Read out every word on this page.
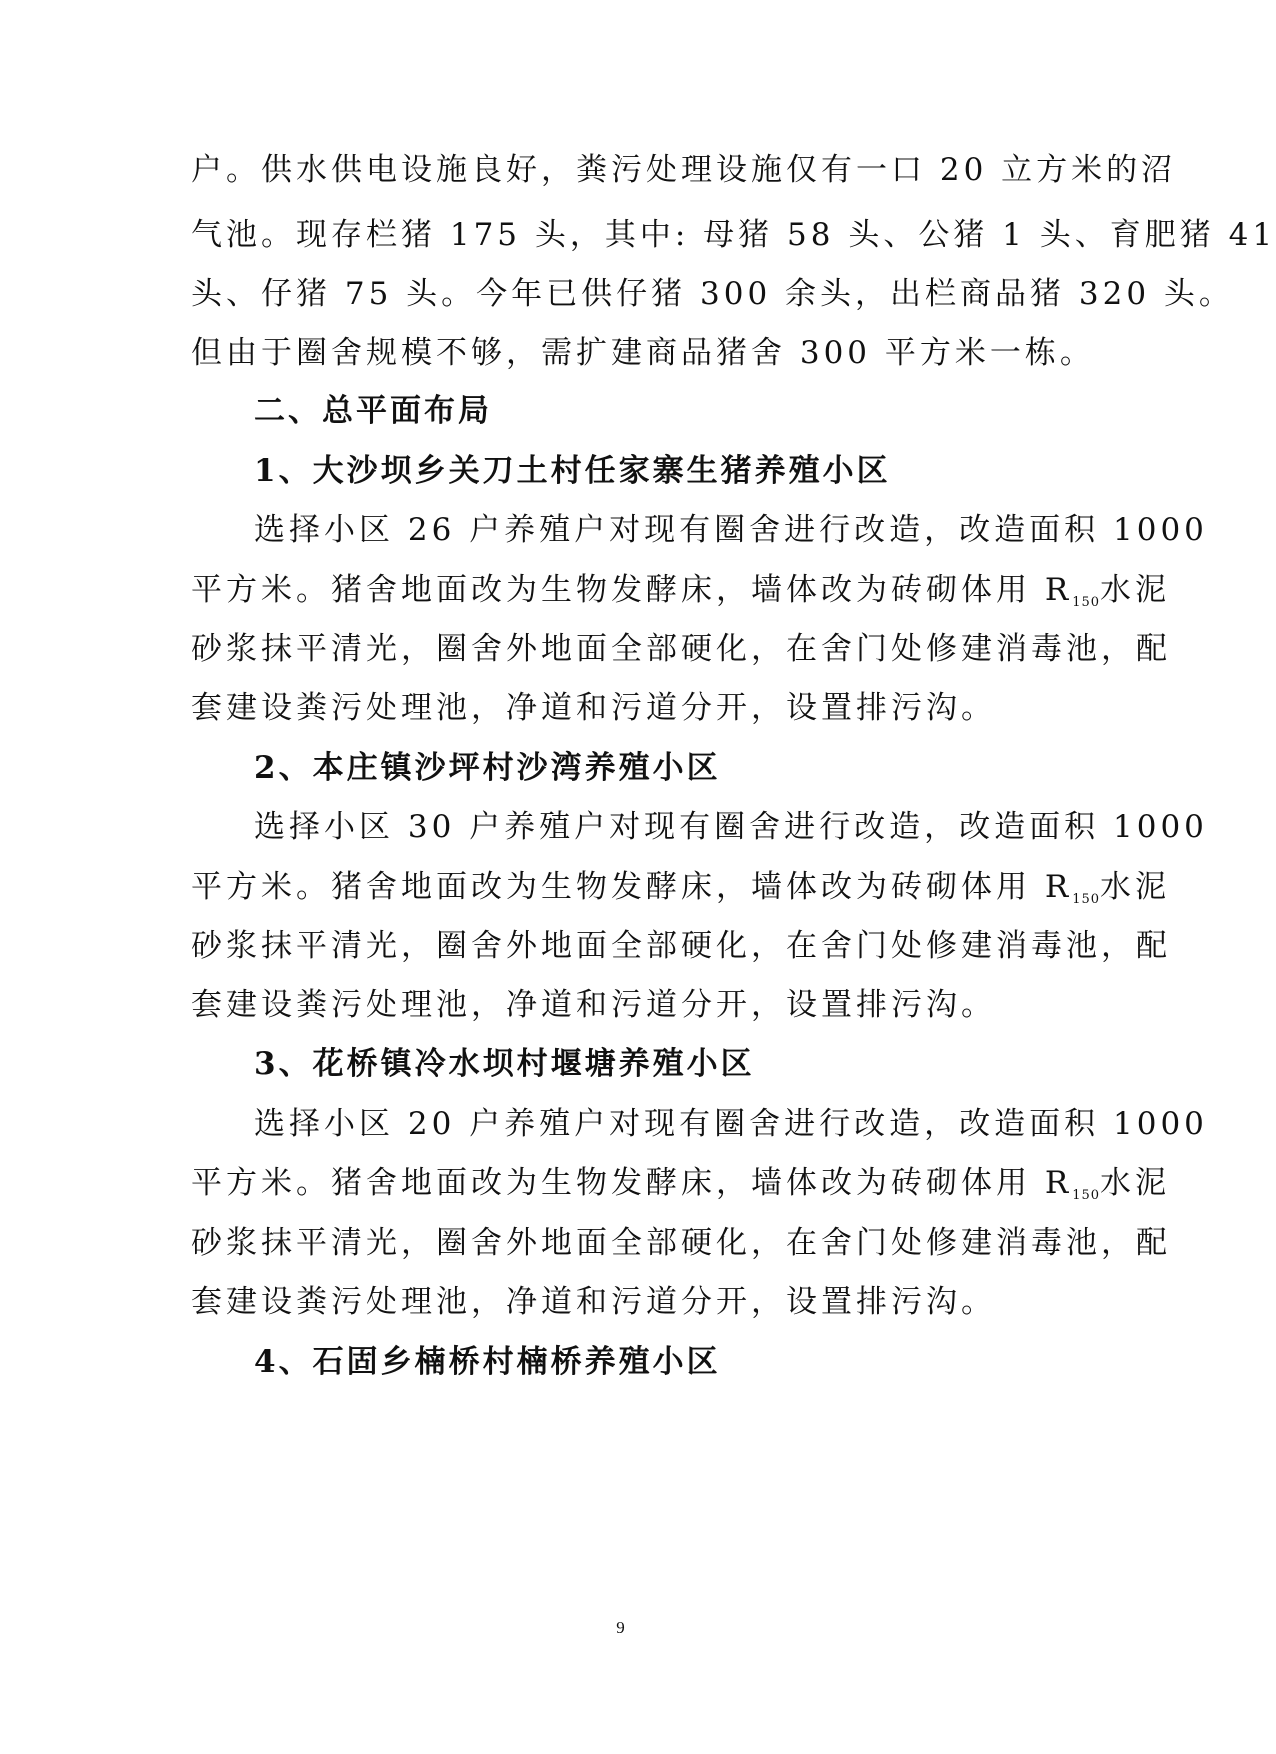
户。供水供电设施良好，粪污处理设施仅有一口 20 立方米的沼
气池。现存栏猪 175 头，其中: 母猪 58 头、公猪 1 头、育肥猪 41
头、仔猪 75 头。今年已供仔猪 300 余头，出栏商品猪 320 头。
但由于圈舍规模不够，需扩建商品猪舍 300 平方米一栋。
二、总平面布局
1、大沙坝乡关刀土村任家寨生猪养殖小区
选择小区 26 户养殖户对现有圈舍进行改造，改造面积 1000
平方米。猪舍地面改为生物发酵床，墙体改为砖砌体用 $R_{150}$水泥
砂浆抹平清光，圈舍外地面全部硬化，在舍门处修建消毒池，配
套建设粪污处理池，净道和污道分开，设置排污沟。
2、本庄镇沙坪村沙湾养殖小区
选择小区 30 户养殖户对现有圈舍进行改造，改造面积 1000
平方米。猪舍地面改为生物发酵床，墙体改为砖砌体用 $R_{150}$水泥
砂浆抹平清光，圈舍外地面全部硬化，在舍门处修建消毒池，配
套建设粪污处理池，净道和污道分开，设置排污沟。
3、花桥镇冷水坝村堰塘养殖小区
选择小区 20 户养殖户对现有圈舍进行改造，改造面积 1000
平方米。猪舍地面改为生物发酵床，墙体改为砖砌体用 $R_{150}$水泥
砂浆抹平清光，圈舍外地面全部硬化，在舍门处修建消毒池，配
套建设粪污处理池，净道和污道分开，设置排污沟。
4、石固乡楠桥村楠桥养殖小区
9
